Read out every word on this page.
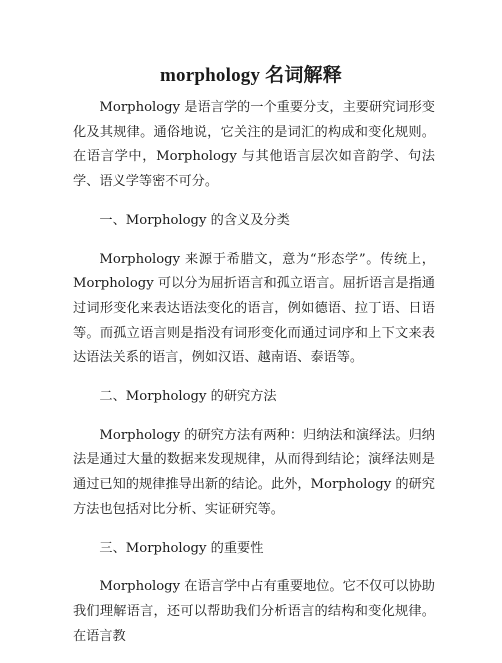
morphology 名词解释

Morphology 是语言学的一个重要分支，主要研究词形变化及其规律。通俗地说，它关注的是词汇的构成和变化规则。在语言学中，Morphology 与其他语言层次如音韵学、句法学、语义学等密不可分。

一、Morphology 的含义及分类

Morphology 来源于希腊文，意为“形态学”。传统上，Morphology 可以分为屈折语言和孤立语言。屈折语言是指通过词形变化来表达语法变化的语言，例如德语、拉丁语、日语等。而孤立语言则是指没有词形变化而通过词序和上下文来表达语法关系的语言，例如汉语、越南语、泰语等。

二、Morphology 的研究方法

Morphology 的研究方法有两种：归纳法和演绎法。归纳法是通过大量的数据来发现规律，从而得到结论；演绎法则是通过已知的规律推导出新的结论。此外，Morphology 的研究方法也包括对比分析、实证研究等。

三、Morphology 的重要性

Morphology 在语言学中占有重要地位。它不仅可以协助我们理解语言，还可以帮助我们分析语言的结构和变化规律。在语言教
